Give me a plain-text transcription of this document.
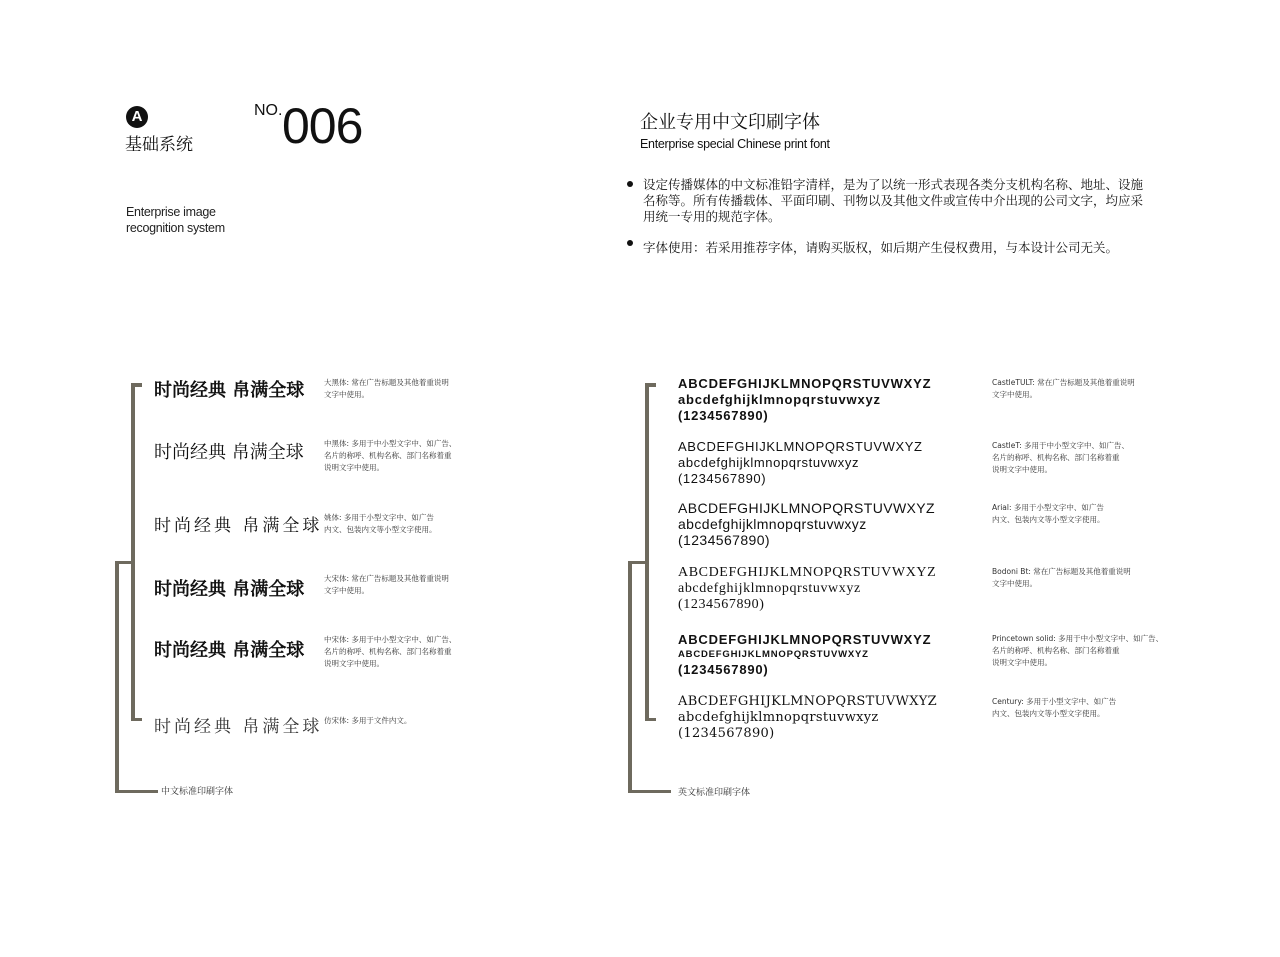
A
基础系统
NO. 006
Enterprise image
recognition system
企业专用中文印刷字体
Enterprise special Chinese print font
设定传播媒体的中文标准铅字清样，是为了以统一形式表现各类分支机构名称、地址、设施
名称等。所有传播载体、平面印刷、刊物以及其他文件或宣传中介出现的公司文字，均应采
用统一专用的规范字体。
字体使用：若采用推荐字体，请购买版权，如后期产生侵权费用，与本设计公司无关。
中文标准印刷字体
时尚经典 帛满全球	大黑体: 常在广告标题及其他着重说明
文字中使用。
时尚经典 帛满全球	中黑体: 多用于中小型文字中、如广告、
名片的称呼、机构名称、部门名称着重
说明文字中使用。
时尚经典 帛满全球 姚体: 多用于小型文字中、如广告
内文、包装内文等小型文字使用。
时尚经典 帛满全球
大宋体: 常在广告标题及其他着重说明
文字中使用。
时尚经典 帛满全球
中宋体: 多用于中小型文字中、如广告、
名片的称呼、机构名称、部门名称着重
说明文字中使用。
时尚经典 帛满全球 仿宋体: 多用于文件内文。
英文标准印刷字体
ABCDEFGHIJKLMNOPQRSTUVWXYZ
abcdefghijklmnopqrstuvwxyz
(1234567890)
CastleTULT: 常在广告标题及其他着重说明
文字中使用。
ABCDEFGHIJKLMNOPQRSTUVWXYZ
abcdefghijklmnopqrstuvwxyz
(1234567890)
CastleT: 多用于中小型文字中、如广告、
名片的称呼、机构名称、部门名称着重
说明文字中使用。
ABCDEFGHIJKLMNOPQRSTUVWXYZ
abcdefghijklmnopqrstuvwxyz
(1234567890)
Arial: 多用于小型文字中、如广告
内文、包装内文等小型文字使用。
ABCDEFGHIJKLMNOPQRSTUVWXYZ
abcdefghijklmnopqrstuvwxyz
(1234567890)
Bodoni Bt: 常在广告标题及其他着重说明
文字中使用。
ABCDEFGHIJKLMNOPQRSTUVWXYZ
ABCDEFGHIJKLMNOPQRSTUVWXYZ
(1234567890)
Princetown solid: 多用于中小型文字中、如广告、
名片的称呼、机构名称、部门名称着重
说明文字中使用。
ABCDEFGHIJKLMNOPQRSTUVWXYZ
abcdefghijklmnopqrstuvwxyz
(1234567890)
Century: 多用于小型文字中、如广告
内文、包装内文等小型文字使用。
